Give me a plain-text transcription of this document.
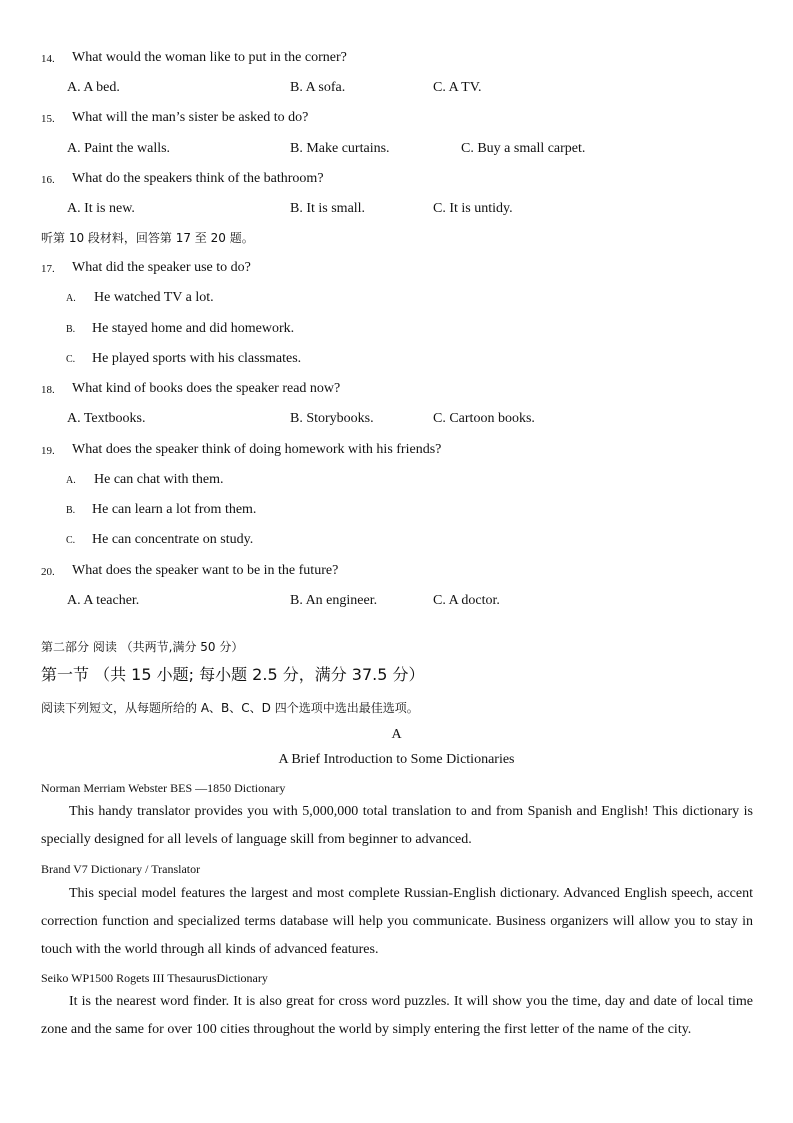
14. What would the woman like to put in the corner?
A. A bed.	B. A sofa.	C. A TV.
15. What will the man’s sister be asked to do?
A. Paint the walls.	B. Make curtains.	C. Buy a small carpet.
16. What do the speakers think of the bathroom?
A. It is new.	B. It is small.	C. It is untidy.
听第 10 段材料，回答第 17 至 20 题。
17. What did the speaker use to do?
A. He watched TV a lot.
B. He stayed home and did homework.
C. He played sports with his classmates.
18. What kind of books does the speaker read now?
A. Textbooks.	B. Storybooks.	C. Cartoon books.
19. What does the speaker think of doing homework with his friends?
A. He can chat with them.
B. He can learn a lot from them.
C. He can concentrate on study.
20. What does the speaker want to be in the future?
A. A teacher.	B. An engineer.	C. A doctor.
第二部分 阅读 （共两节,满分 50 分）
第一节 （共 15 小题; 每小题 2.5 分，满分 37.5 分）
阅读下列短文，从每题所给的 A、B、C、D 四个选项中选出最佳选项。
A
A Brief Introduction to Some Dictionaries
Norman Merriam Webster BES —1850 Dictionary
This handy translator provides you with 5,000,000 total translation to and from Spanish and English! This dictionary is specially designed for all levels of language skill from beginner to advanced.
Brand V7 Dictionary / Translator
This special model features the largest and most complete Russian-English dictionary. Advanced English speech, accent correction function and specialized terms database will help you communicate. Business organizers will allow you to stay in touch with the world through all kinds of advanced features.
Seiko WP1500 Rogets III ThesaurusDictionary
It is the nearest word finder. It is also great for cross word puzzles. It will show you the time, day and date of local time zone and the same for over 100 cities throughout the world by simply entering the first letter of the name of the city.
